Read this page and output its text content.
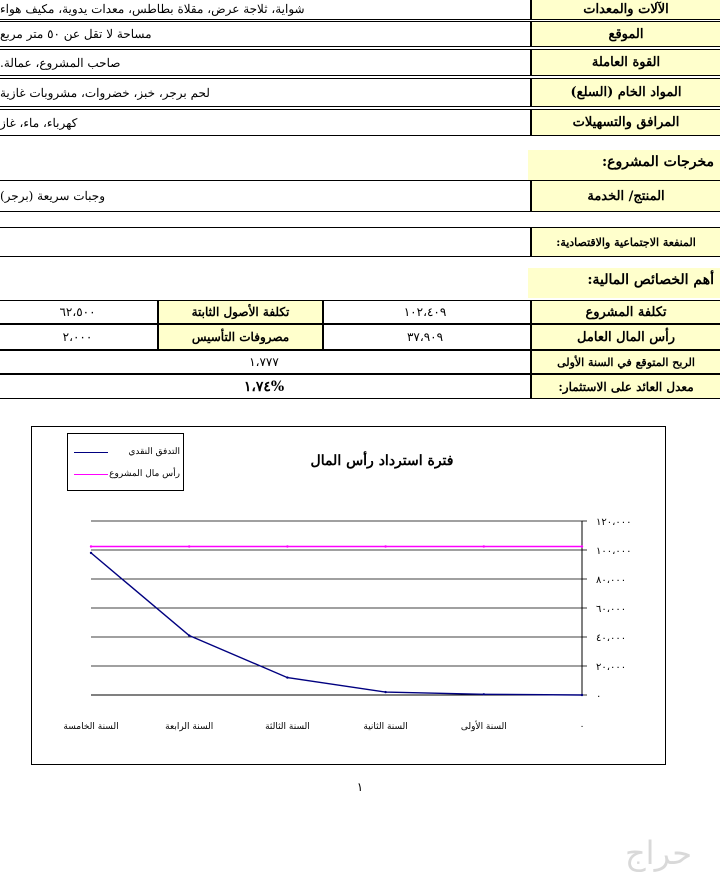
شواية، ثلاجة عرض، مقلاة بطاطس، معدات يدوية، مكيف هواء	الآلات والمعدات
مساحة لا تقل عن ٥٠ متر مربع	الموقع
صاحب المشروع، عمالة.	القوة العاملة
لحم برجر، خبز، خضروات، مشروبات غازية	المواد الخام (السلع)
كهرباء، ماء، غاز	المرافق والتسهيلات
مخرجات المشروع:
وجبات سريعة (برجر)	المنتج/ الخدمة
المنفعة الاجتماعية والاقتصادية:
أهم الخصائص المالية:
٦٢،٥٠٠	تكلفة الأصول الثابتة	١٠٢،٤٠٩	تكلفة المشروع
٢،٠٠٠	مصروفات التأسيس	٣٧،٩٠٩	رأس المال العامل
١،٧٧٧	الربح المتوقع في السنة الأولى
%١،٧٤	معدل العائد على الاستثمار:
التدفق النقدي
رأس مال المشروع
فترة استرداد رأس المال
٠
٢٠،٠٠٠
٤٠،٠٠٠
٦٠،٠٠٠
٨٠،٠٠٠
١٠٠،٠٠٠
١٢٠،٠٠٠
السنة الخامسة	السنة الرابعة	السنة الثالثة	السنة الثانية	السنة الأولى	٠
١
حراج
